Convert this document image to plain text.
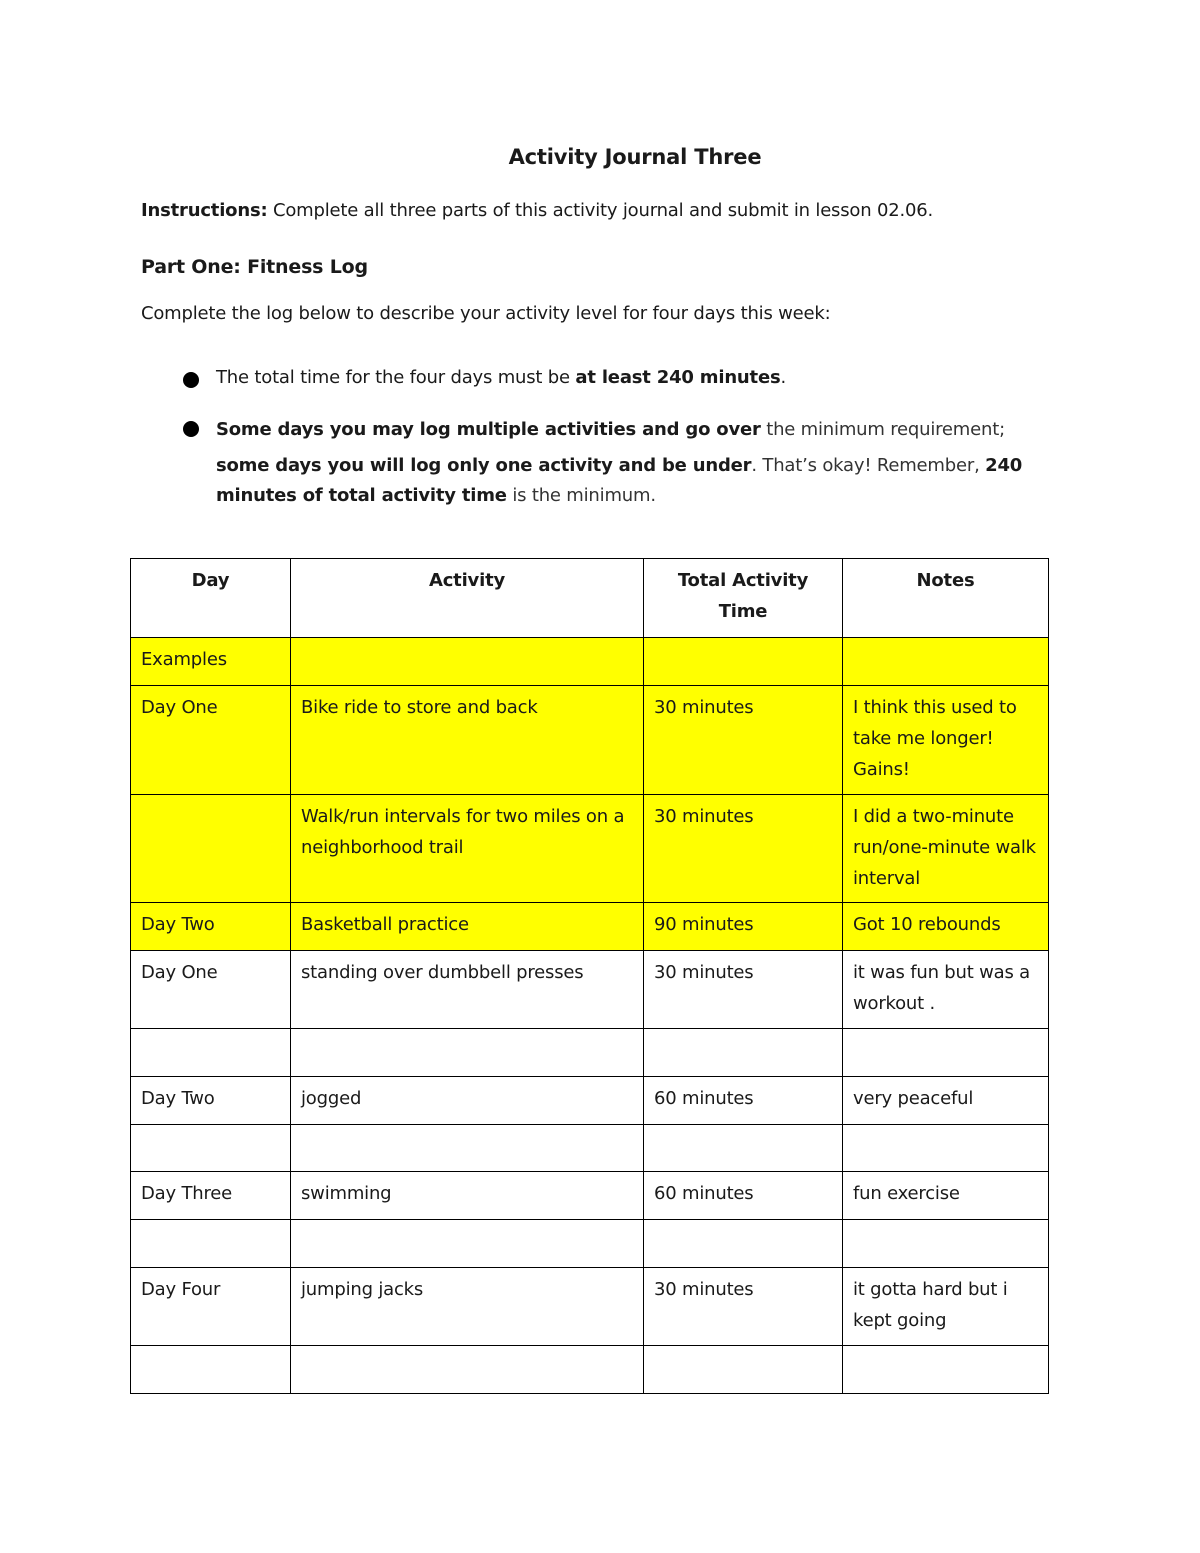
Activity Journal Three
Instructions: Complete all three parts of this activity journal and submit in lesson 02.06.
Part One: Fitness Log
Complete the log below to describe your activity level for four days this week:
The total time for the four days must be at least 240 minutes.
Some days you may log multiple activities and go over the minimum requirement;
some days you will log only one activity and be under. That’s okay! Remember, 240
minutes of total activity time is the minimum.
Day	Activity	Total Activity Time	Notes
Examples			
Day One	Bike ride to store and back	30 minutes	I think this used to take me longer! Gains!
	Walk/run intervals for two miles on a neighborhood trail	30 minutes	I did a two-minute run/one-minute walk interval
Day Two	Basketball practice	90 minutes	Got 10 rebounds
Day One	standing over dumbbell presses	30 minutes	it was fun but was a workout .

Day Two	jogged	60 minutes	very peaceful

Day Three	swimming	60 minutes	fun exercise

Day Four	jumping jacks	30 minutes	it gotta hard but i kept going
